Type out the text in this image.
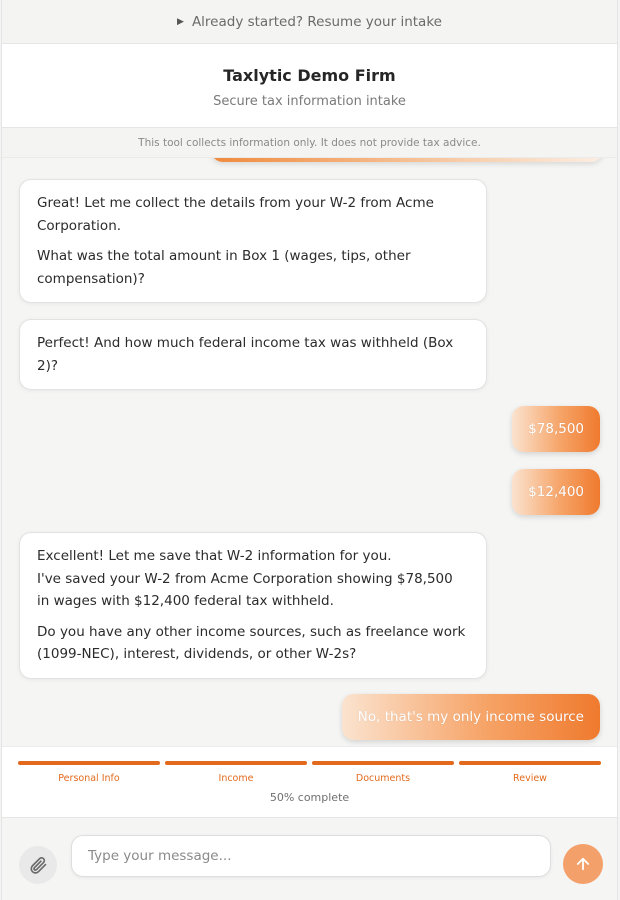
▶ Already started? Resume your intake
Taxlytic Demo Firm
Secure tax information intake

Great! Let me collect the details from your W-2 from Acme Corporation.

What was the total amount in Box 1 (wages, tips, other compensation)?

Perfect! And how much federal income tax was withheld (Box 2)?

$78,500
$12,400

Excellent! Let me save that W-2 information for you.

I've saved your W-2 from Acme Corporation showing $78,500 in wages with $12,400 federal tax withheld.

Do you have any other income sources, such as freelance work (1099-NEC), interest, dividends, or other W-2s?

No, that's my only income source
This tool collects information only. It does not provide tax advice.
Personal Info	Income	Documents	Review
50% complete
Type your message...
